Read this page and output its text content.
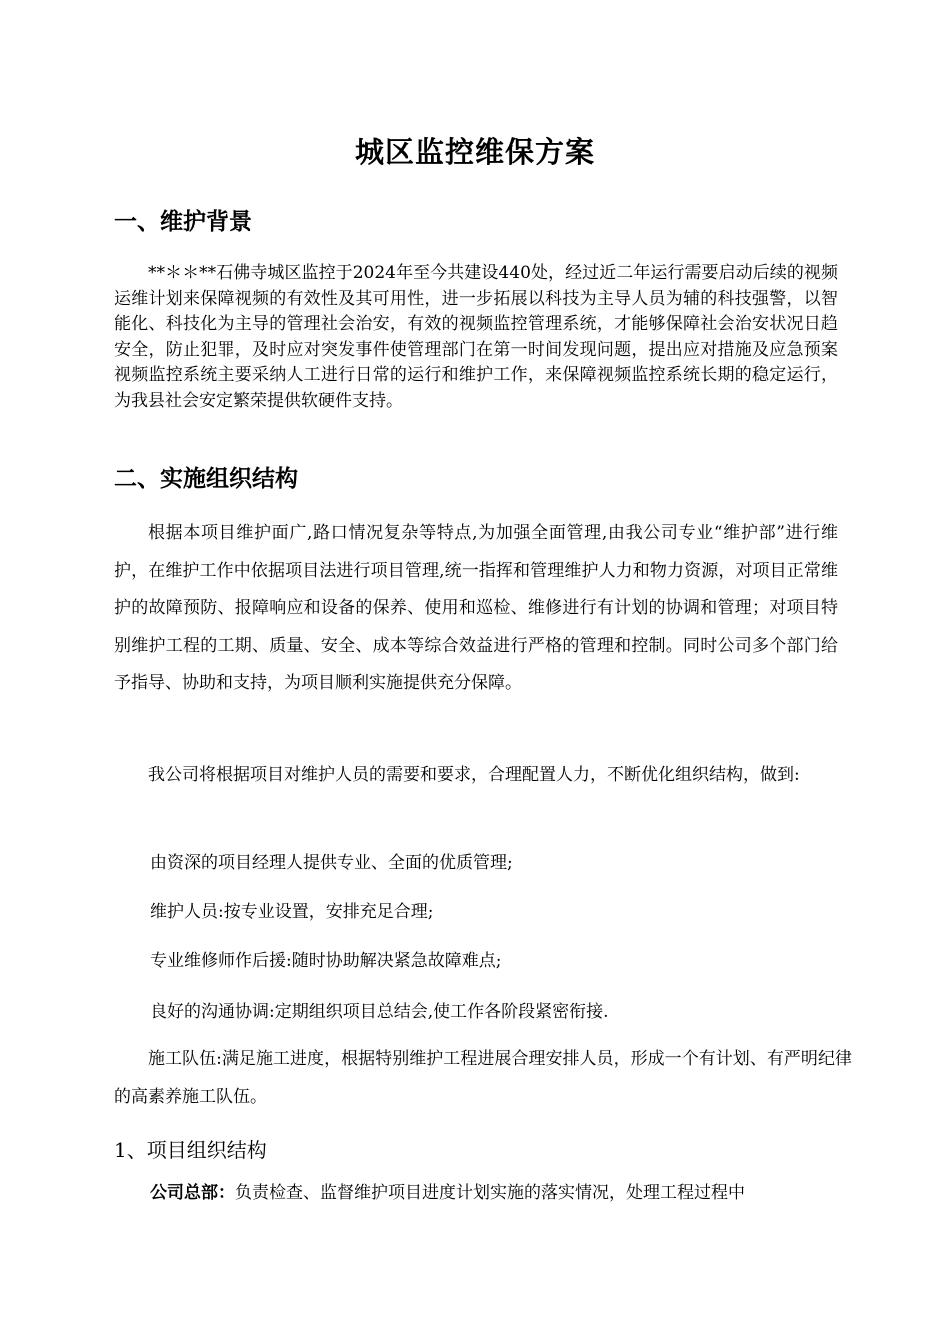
城区监控维保方案
一、维护背景

**＊＊**石佛寺城区监控于2024年至今共建设440处，经过近二年运行需要启动后续的视频运维计划来保障视频的有效性及其可用性，进一步拓展以科技为主导人员为辅的科技强警，以智能化、科技化为主导的管理社会治安，有效的视频监控管理系统，才能够保障社会治安状况日趋安全，防止犯罪，及时应对突发事件使管理部门在第一时间发现问题，提出应对措施及应急预案视频监控系统主要采纳人工进行日常的运行和维护工作，来保障视频监控系统长期的稳定运行，为我县社会安定繁荣提供软硬件支持。

二、实施组织结构

根据本项目维护面广,路口情况复杂等特点,为加强全面管理,由我公司专业“维护部”进行维护，在维护工作中依据项目法进行项目管理,统一指挥和管理维护人力和物力资源，对项目正常维护的故障预防、报障响应和设备的保养、使用和巡检、维修进行有计划的协调和管理；对项目特别维护工程的工期、质量、安全、成本等综合效益进行严格的管理和控制。同时公司多个部门给予指导、协助和支持，为项目顺利实施提供充分保障。

我公司将根据项目对维护人员的需要和要求，合理配置人力，不断优化组织结构，做到:

由资深的项目经理人提供专业、全面的优质管理;

维护人员:按专业设置，安排充足合理;

专业维修师作后援:随时协助解决紧急故障难点;

良好的沟通协调:定期组织项目总结会,使工作各阶段紧密衔接.

施工队伍:满足施工进度，根据特别维护工程进展合理安排人员，形成一个有计划、有严明纪律的高素养施工队伍。

1、项目组织结构

公司总部：负责检查、监督维护项目进度计划实施的落实情况，处理工程过程中
